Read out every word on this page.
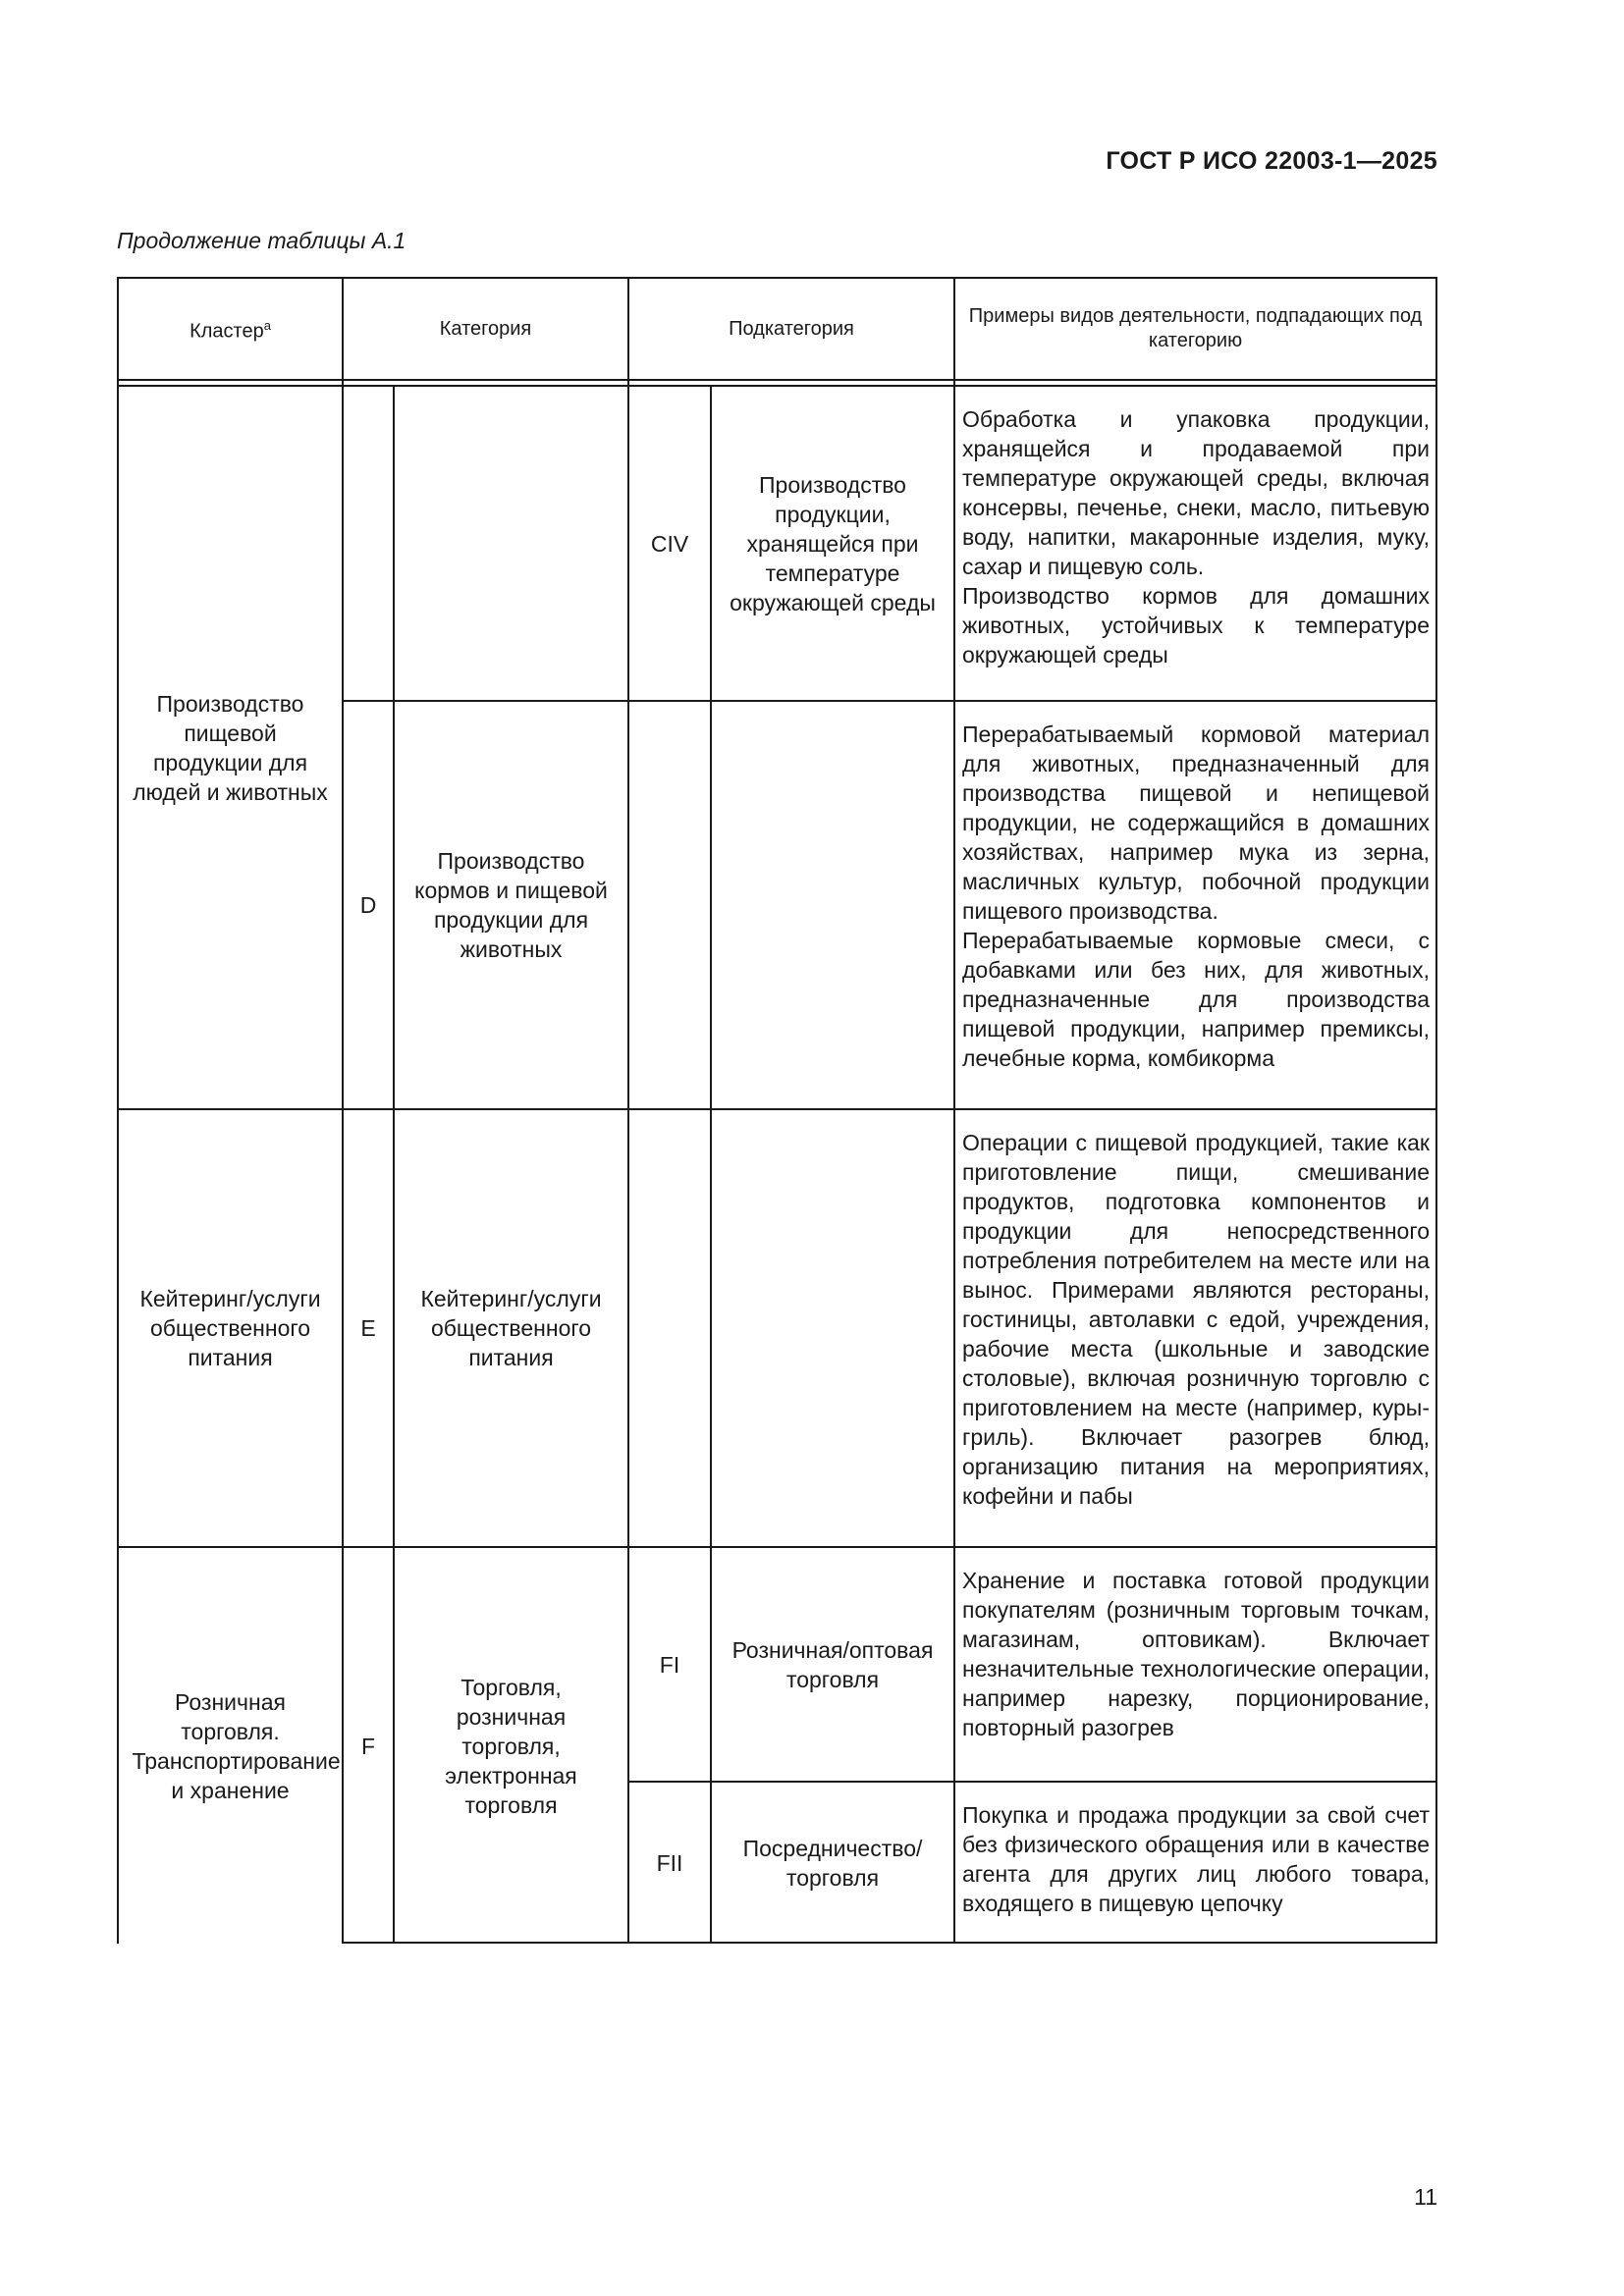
ГОСТ Р ИСО 22003-1—2025
Продолжение таблицы А.1
Кластер$^a$	Категория	Подкатегория
Примеры видов деятельности, подпадающих под категорию
Производство пищевой продукции для людей и животных
Кейтеринг/услуги общественного питания
Розничная торговля. Транспортирование и хранение
D
E
F
Производство кормов и пищевой продукции для животных
Кейтеринг/услуги общественного питания
Торговля, розничная торговля, электронная торговля
CIV
FI
FII
Производство продукции, хранящейся при температуре окружающей среды
Розничная/оптовая торговля
Посредничество/ торговля
Обработка и упаковка продукции, хранящейся и продаваемой при температуре окружающей среды, включая консервы, печенье, снеки, масло, питьевую воду, напитки, макаронные изделия, муку, сахар и пищевую соль.
Производство кормов для домашних животных, устойчивых к температуре окружающей среды
Перерабатываемый кормовой материал для животных, предназначенный для производства пищевой и непищевой продукции, не содержащийся в домашних хозяйствах, например мука из зерна, масличных культур, побочной продукции пищевого производства.
Перерабатываемые кормовые смеси, с добавками или без них, для животных, предназначенные для производства пищевой продукции, например премиксы, лечебные корма, комбикорма
Операции с пищевой продукцией, такие как приготовление пищи, смешивание продуктов, подготовка компонентов и продукции для непосредственного потребления потребителем на месте или на вынос. Примерами являются рестораны, гостиницы, автолавки с едой, учреждения, рабочие места (школьные и заводские столовые), включая розничную торговлю с приготовлением на месте (например, куры-гриль). Включает разогрев блюд, организацию питания на мероприятиях, кофейни и пабы
Хранение и поставка готовой продукции покупателям (розничным торговым точкам, магазинам, оптовикам). Включает незначительные технологические операции, например нарезку, порционирование, повторный разогрев
Покупка и продажа продукции за свой счет без физического обращения или в качестве агента для других лиц любого товара, входящего в пищевую цепочку
11
